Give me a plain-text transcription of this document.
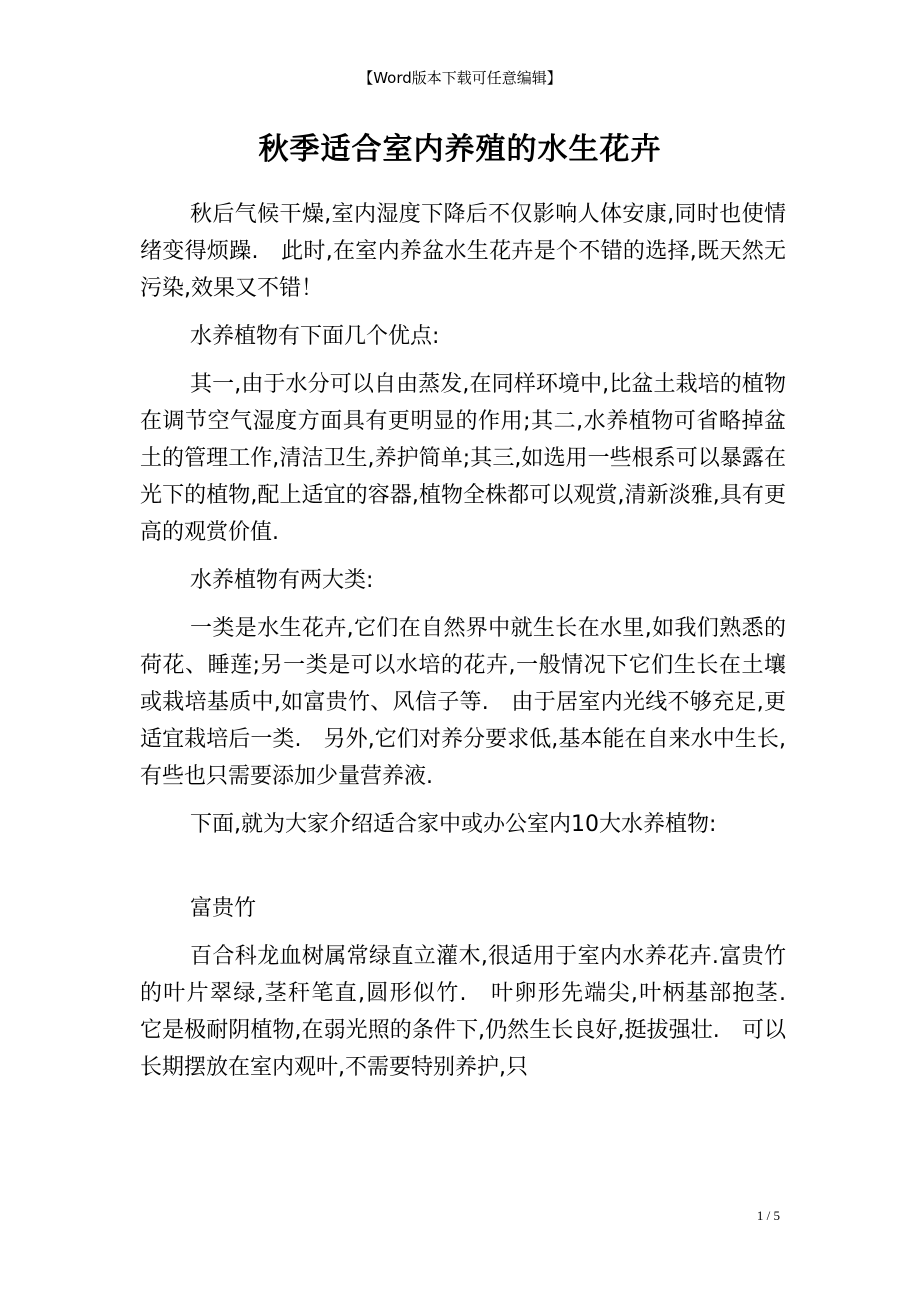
【Word版本下载可任意编辑】
秋季适合室内养殖的水生花卉

秋后气候干燥,室内湿度下降后不仅影响人体安康,同时也使情绪变得烦躁.　此时,在室内养盆水生花卉是个不错的选择,既天然无污染,效果又不错！

水养植物有下面几个优点:

其一,由于水分可以自由蒸发,在同样环境中,比盆土栽培的植物在调节空气湿度方面具有更明显的作用;其二,水养植物可省略掉盆土的管理工作,清洁卫生,养护简单;其三,如选用一些根系可以暴露在光下的植物,配上适宜的容器,植物全株都可以观赏,清新淡雅,具有更高的观赏价值.

水养植物有两大类:

一类是水生花卉,它们在自然界中就生长在水里,如我们熟悉的荷花、睡莲;另一类是可以水培的花卉,一般情况下它们生长在土壤或栽培基质中,如富贵竹、风信子等.　由于居室内光线不够充足,更适宜栽培后一类.　另外,它们对养分要求低,基本能在自来水中生长,有些也只需要添加少量营养液.

下面,就为大家介绍适合家中或办公室内10大水养植物:

富贵竹

百合科龙血树属常绿直立灌木,很适用于室内水养花卉.富贵竹的叶片翠绿,茎秆笔直,圆形似竹.　叶卵形先端尖,叶柄基部抱茎.　它是极耐阴植物,在弱光照的条件下,仍然生长良好,挺拔强壮.　可以长期摆放在室内观叶,不需要特别养护,只

1 / 5
